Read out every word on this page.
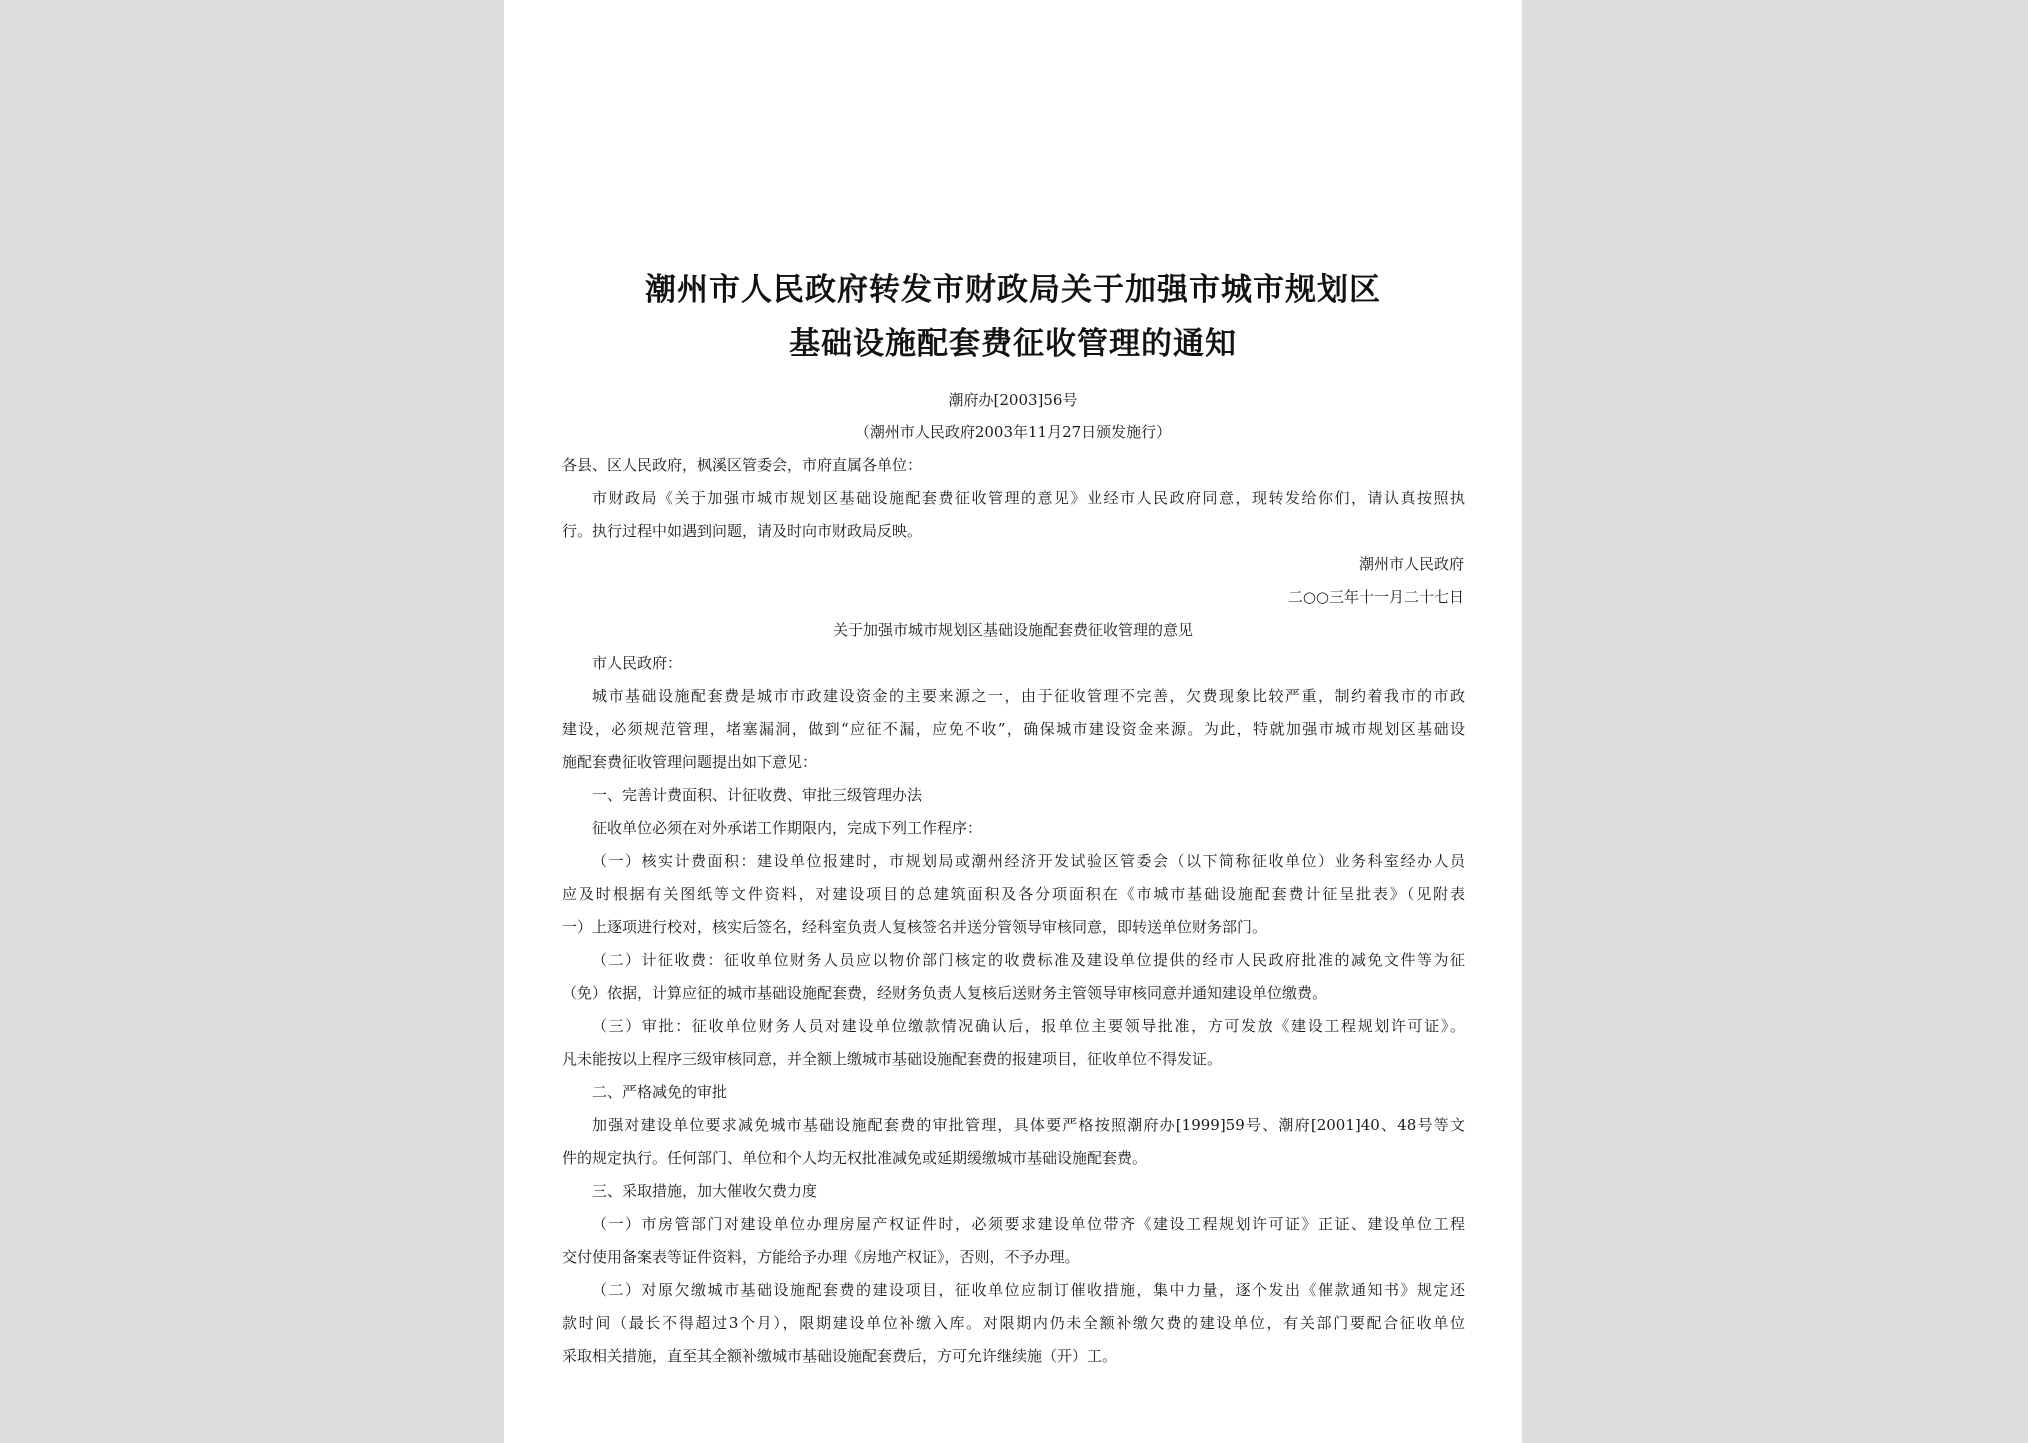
潮州市人民政府转发市财政局关于加强市城市规划区
基础设施配套费征收管理的通知
潮府办[2003]56号
（潮州市人民政府2003年11月27日颁发施行）
各县、区人民政府，枫溪区管委会，市府直属各单位：
市财政局《关于加强市城市规划区基础设施配套费征收管理的意见》业经市人民政府同意，现转发给你们，请认真按照执
行。执行过程中如遇到问题，请及时向市财政局反映。
潮州市人民政府
二○○三年十一月二十七日
关于加强市城市规划区基础设施配套费征收管理的意见
市人民政府：
城市基础设施配套费是城市市政建设资金的主要来源之一，由于征收管理不完善，欠费现象比较严重，制约着我市的市政
建设，必须规范管理，堵塞漏洞，做到“应征不漏，应免不收”，确保城市建设资金来源。为此，特就加强市城市规划区基础设
施配套费征收管理问题提出如下意见：
一、完善计费面积、计征收费、审批三级管理办法
征收单位必须在对外承诺工作期限内，完成下列工作程序：
（一）核实计费面积：建设单位报建时，市规划局或潮州经济开发试验区管委会（以下简称征收单位）业务科室经办人员
应及时根据有关图纸等文件资料，对建设项目的总建筑面积及各分项面积在《市城市基础设施配套费计征呈批表》（见附表
一）上逐项进行校对，核实后签名，经科室负责人复核签名并送分管领导审核同意，即转送单位财务部门。
（二）计征收费：征收单位财务人员应以物价部门核定的收费标准及建设单位提供的经市人民政府批准的减免文件等为征
（免）依据，计算应征的城市基础设施配套费，经财务负责人复核后送财务主管领导审核同意并通知建设单位缴费。
（三）审批：征收单位财务人员对建设单位缴款情况确认后，报单位主要领导批准，方可发放《建设工程规划许可证》。
凡未能按以上程序三级审核同意，并全额上缴城市基础设施配套费的报建项目，征收单位不得发证。
二、严格减免的审批
加强对建设单位要求减免城市基础设施配套费的审批管理，具体要严格按照潮府办[1999]59号、潮府[2001]40、48号等文
件的规定执行。任何部门、单位和个人均无权批准减免或延期缓缴城市基础设施配套费。
三、采取措施，加大催收欠费力度
（一）市房管部门对建设单位办理房屋产权证件时，必须要求建设单位带齐《建设工程规划许可证》正证、建设单位工程
交付使用备案表等证件资料，方能给予办理《房地产权证》，否则，不予办理。
（二）对原欠缴城市基础设施配套费的建设项目，征收单位应制订催收措施，集中力量，逐个发出《催款通知书》规定还
款时间（最长不得超过3个月），限期建设单位补缴入库。对限期内仍未全额补缴欠费的建设单位，有关部门要配合征收单位
采取相关措施，直至其全额补缴城市基础设施配套费后，方可允许继续施（开）工。
